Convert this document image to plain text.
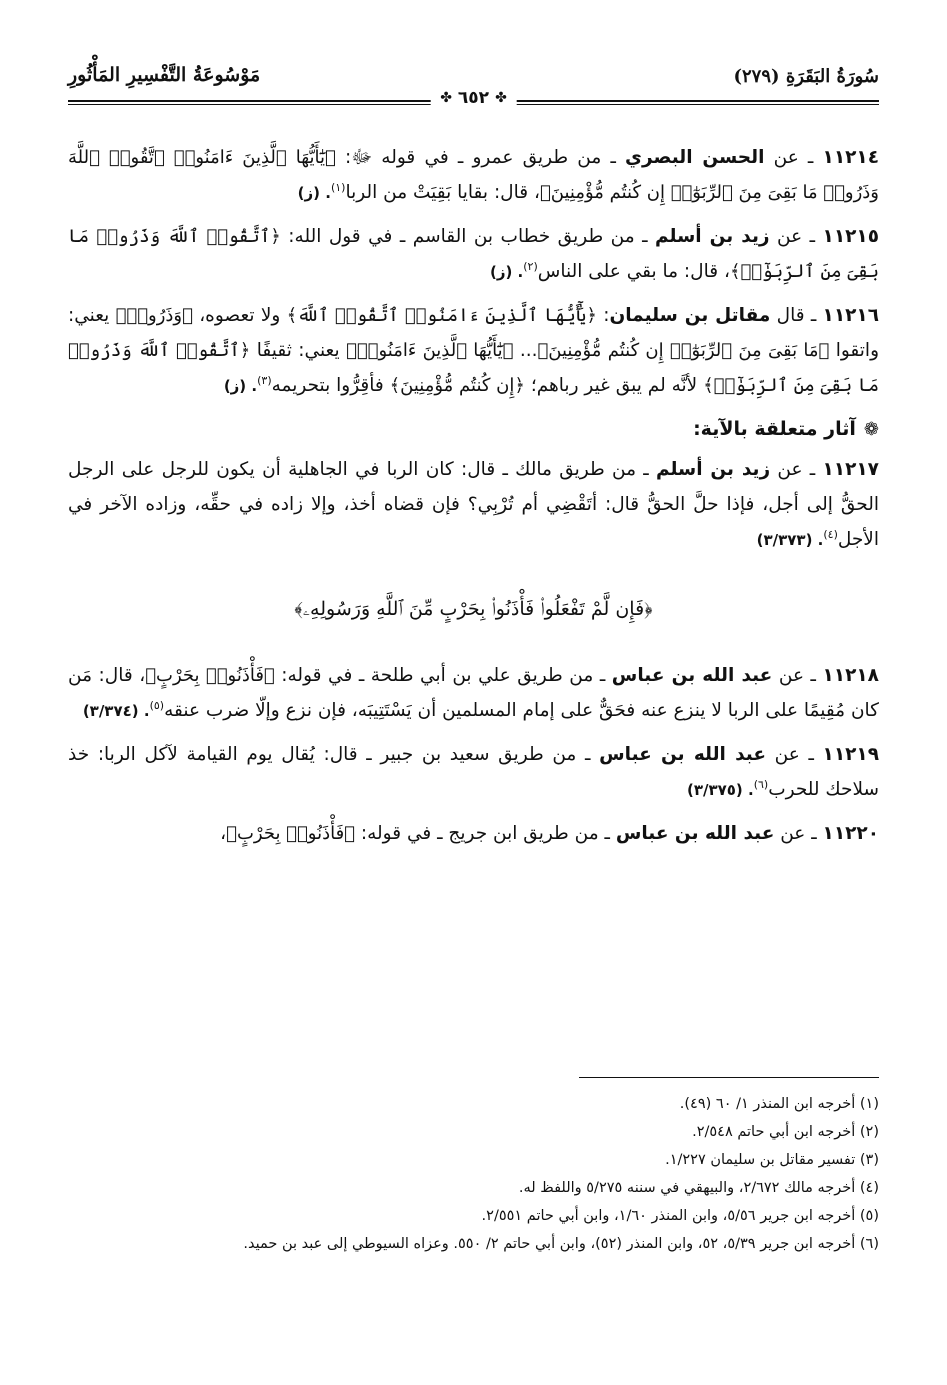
سُورَةُ البَقَرَةِ (٢٧٩)
مَوْسُوعَةُ التَّفْسِيرِ المَأْثُورِ
✤
٦٥٢
✤

١١٢١٤ ـ عن الحسن البصري ـ من طريق عمرو ـ في قوله ﷻ: ﴿يَٰٓأَيُّهَا ٱلَّذِينَ ءَامَنُوا۟ ٱتَّقُوا۟ ٱللَّهَ وَذَرُوا۟ مَا بَقِىَ مِنَ ٱلرِّبَوٰٓا۟ إِن كُنتُم مُّؤْمِنِينَ﴾، قال: بقايا بَقِيَتْ من الربا$^{(١)}$. (ز)

١١٢١٥ ـ عن زيد بن أسلم ـ من طريق خطاب بن القاسم ـ في قول الله: ﴿ٱتَّقُوا۟ ٱللَّهَ وَذَرُوا۟ مَا بَقِىَ مِنَ ٱلرِّبَوٰٓا۟﴾، قال: ما بقي على الناس$^{(٢)}$. (ز)

١١٢١٦ ـ قال مقاتل بن سليمان: ﴿يَٰٓأَيُّهَا ٱلَّذِينَ ءَامَنُوا۟ ٱتَّقُوا۟ ٱللَّهَ﴾ ولا تعصوه، ﴿وَذَرُوا۟﴾ يعني: واتقوا ﴿مَا بَقِىَ مِنَ ٱلرِّبَوٰٓا۟ إِن كُنتُم مُّؤْمِنِينَ﴾... ﴿يَٰٓأَيُّهَا ٱلَّذِينَ ءَامَنُوا۟﴾ يعني: ثقيفًا ﴿ٱتَّقُوا۟ ٱللَّهَ وَذَرُوا۟ مَا بَقِىَ مِنَ ٱلرِّبَوٰٓا۟﴾ لأنَّه لم يبق غير رباهم؛ ﴿إِن كُنتُم مُّؤْمِنِينَ﴾ فأقِرُّوا بتحريمه$^{(٣)}$. (ز)

❁
آثار متعلقة بالآية:

١١٢١٧ ـ عن زيد بن أسلم ـ من طريق مالك ـ قال: كان الربا في الجاهلية أن يكون للرجل على الرجل الحقُّ إلى أجل، فإذا حلَّ الحقُّ قال: أتَقْضِي أم تُرْبِي؟ فإن قضاه أخذ، وإلا زاده في حقِّه، وزاده الآخر في الأجل$^{(٤)}$. (٣/٣٧٣)

﴿فَإِن لَّمْ تَفْعَلُوا۟ فَأْذَنُوا۟ بِحَرْبٍ مِّنَ ٱللَّهِ وَرَسُولِهِۦ﴾

١١٢١٨ ـ عن عبد الله بن عباس ـ من طريق علي بن أبي طلحة ـ في قوله: ﴿فَأْذَنُوا۟ بِحَرْبٍ﴾، قال: مَن كان مُقِيمًا على الربا لا ينزع عنه فحَقٌّ على إمام المسلمين أن يَسْتَتِيبَه، فإن نزع وإلّا ضرب عنقه$^{(٥)}$. (٣/٣٧٤)

١١٢١٩ ـ عن عبد الله بن عباس ـ من طريق سعيد بن جبير ـ قال: يُقال يوم القيامة لآكل الربا: خذ سلاحك للحرب$^{(٦)}$. (٣/٣٧٥)

١١٢٢٠ ـ عن عبد الله بن عباس ـ من طريق ابن جريج ـ في قوله: ﴿فَأْذَنُوا۟ بِحَرْبٍ﴾،

(١) أخرجه ابن المنذر ١/ ٦٠ (٤٩).

(٢) أخرجه ابن أبي حاتم ٢/٥٤٨.

(٣) تفسير مقاتل بن سليمان ١/٢٢٧.

(٤) أخرجه مالك ٢/٦٧٢، والبيهقي في سننه ٥/٢٧٥ واللفظ له.

(٥) أخرجه ابن جرير ٥/٥٦، وابن المنذر ١/٦٠، وابن أبي حاتم ٢/٥٥١.

(٦) أخرجه ابن جرير ٥/٣٩، ٥٢، وابن المنذر (٥٢)، وابن أبي حاتم ٢/ ٥٥٠. وعزاه السيوطي إلى عبد بن حميد.
